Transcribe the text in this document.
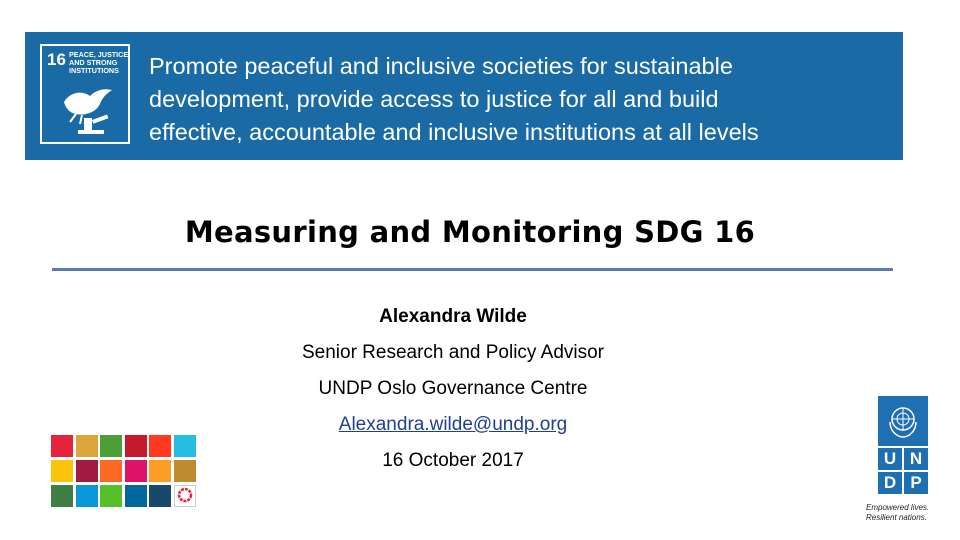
16 PEACE, JUSTICE
AND STRONG
INSTITUTIONS	Promote peaceful and inclusive societies for sustainable
development, provide access to justice for all and build
effective, accountable and inclusive institutions at all levels
Measuring and Monitoring SDG 16
Alexandra Wilde
Senior Research and Policy Advisor
UNDP Oslo Governance Centre
Alexandra.wilde@undp.org
16 October 2017	U N
D P
Empowered lives.
Resilient nations.
